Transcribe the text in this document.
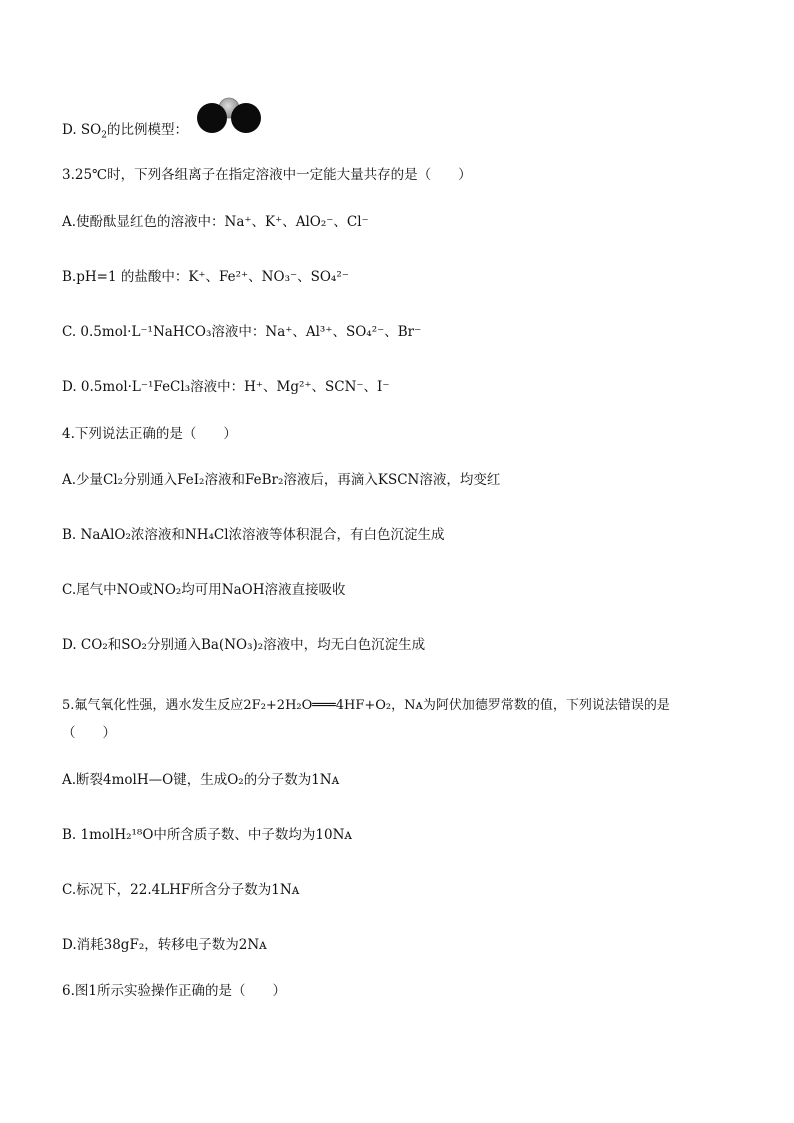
D. $SO_2$的比例模型：
3.25℃时，下列各组离子在指定溶液中一定能大量共存的是（　　）
A.使酚酞显红色的溶液中：Na⁺、K⁺、AlO₂⁻、Cl⁻
B.pH=1 的盐酸中：K⁺、Fe²⁺、NO₃⁻、SO₄²⁻
C. 0.5mol·L⁻¹NaHCO₃溶液中：Na⁺、Al³⁺、SO₄²⁻、Br⁻
D. 0.5mol·L⁻¹FeCl₃溶液中：H⁺、Mg²⁺、SCN⁻、I⁻
4.下列说法正确的是（　　）
A.少量Cl₂分别通入FeI₂溶液和FeBr₂溶液后，再滴入KSCN溶液，均变红
B. NaAlO₂浓溶液和NH₄Cl浓溶液等体积混合，有白色沉淀生成
C.尾气中NO或NO₂均可用NaOH溶液直接吸收
D. CO₂和SO₂分别通入Ba(NO₃)₂溶液中，均无白色沉淀生成
5.氟气氧化性强，遇水发生反应2F₂+2H₂O═══4HF+O₂，Nᴀ为阿伏加德罗常数的值，下列说法错误的是
（　　）
A.断裂4molH—O键，生成O₂的分子数为1Nᴀ
B. 1molH₂¹⁸O中所含质子数、中子数均为10Nᴀ
C.标况下，22.4LHF所含分子数为1Nᴀ
D.消耗38gF₂，转移电子数为2Nᴀ
6.图1所示实验操作正确的是（　　）
